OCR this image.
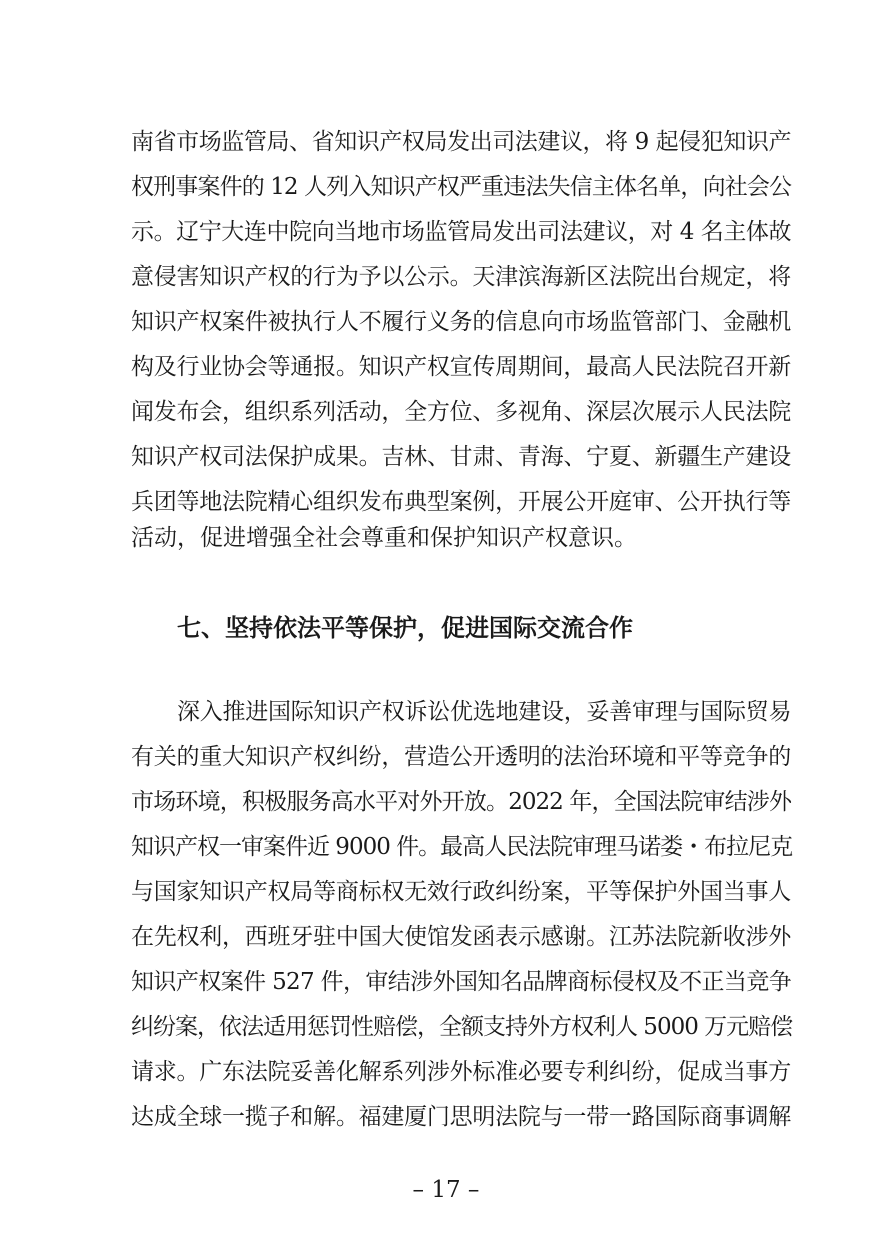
南省市场监管局、省知识产权局发出司法建议，将 9 起侵犯知识产
权刑事案件的 12 人列入知识产权严重违法失信主体名单，向社会公
示。辽宁大连中院向当地市场监管局发出司法建议，对 4 名主体故
意侵害知识产权的行为予以公示。天津滨海新区法院出台规定，将
知识产权案件被执行人不履行义务的信息向市场监管部门、金融机
构及行业协会等通报。知识产权宣传周期间，最高人民法院召开新
闻发布会，组织系列活动，全方位、多视角、深层次展示人民法院
知识产权司法保护成果。吉林、甘肃、青海、宁夏、新疆生产建设
兵团等地法院精心组织发布典型案例，开展公开庭审、公开执行等
活动，促进增强全社会尊重和保护知识产权意识。
七、坚持依法平等保护，促进国际交流合作
深入推进国际知识产权诉讼优选地建设，妥善审理与国际贸易
有关的重大知识产权纠纷，营造公开透明的法治环境和平等竞争的
市场环境，积极服务高水平对外开放。2022 年，全国法院审结涉外
知识产权一审案件近 9000 件。最高人民法院审理马诺娄・布拉尼克
与国家知识产权局等商标权无效行政纠纷案，平等保护外国当事人
在先权利，西班牙驻中国大使馆发函表示感谢。江苏法院新收涉外
知识产权案件 527 件，审结涉外国知名品牌商标侵权及不正当竞争
纠纷案，依法适用惩罚性赔偿，全额支持外方权利人 5000 万元赔偿
请求。广东法院妥善化解系列涉外标准必要专利纠纷，促成当事方
达成全球一揽子和解。福建厦门思明法院与一带一路国际商事调解
– 17 –
